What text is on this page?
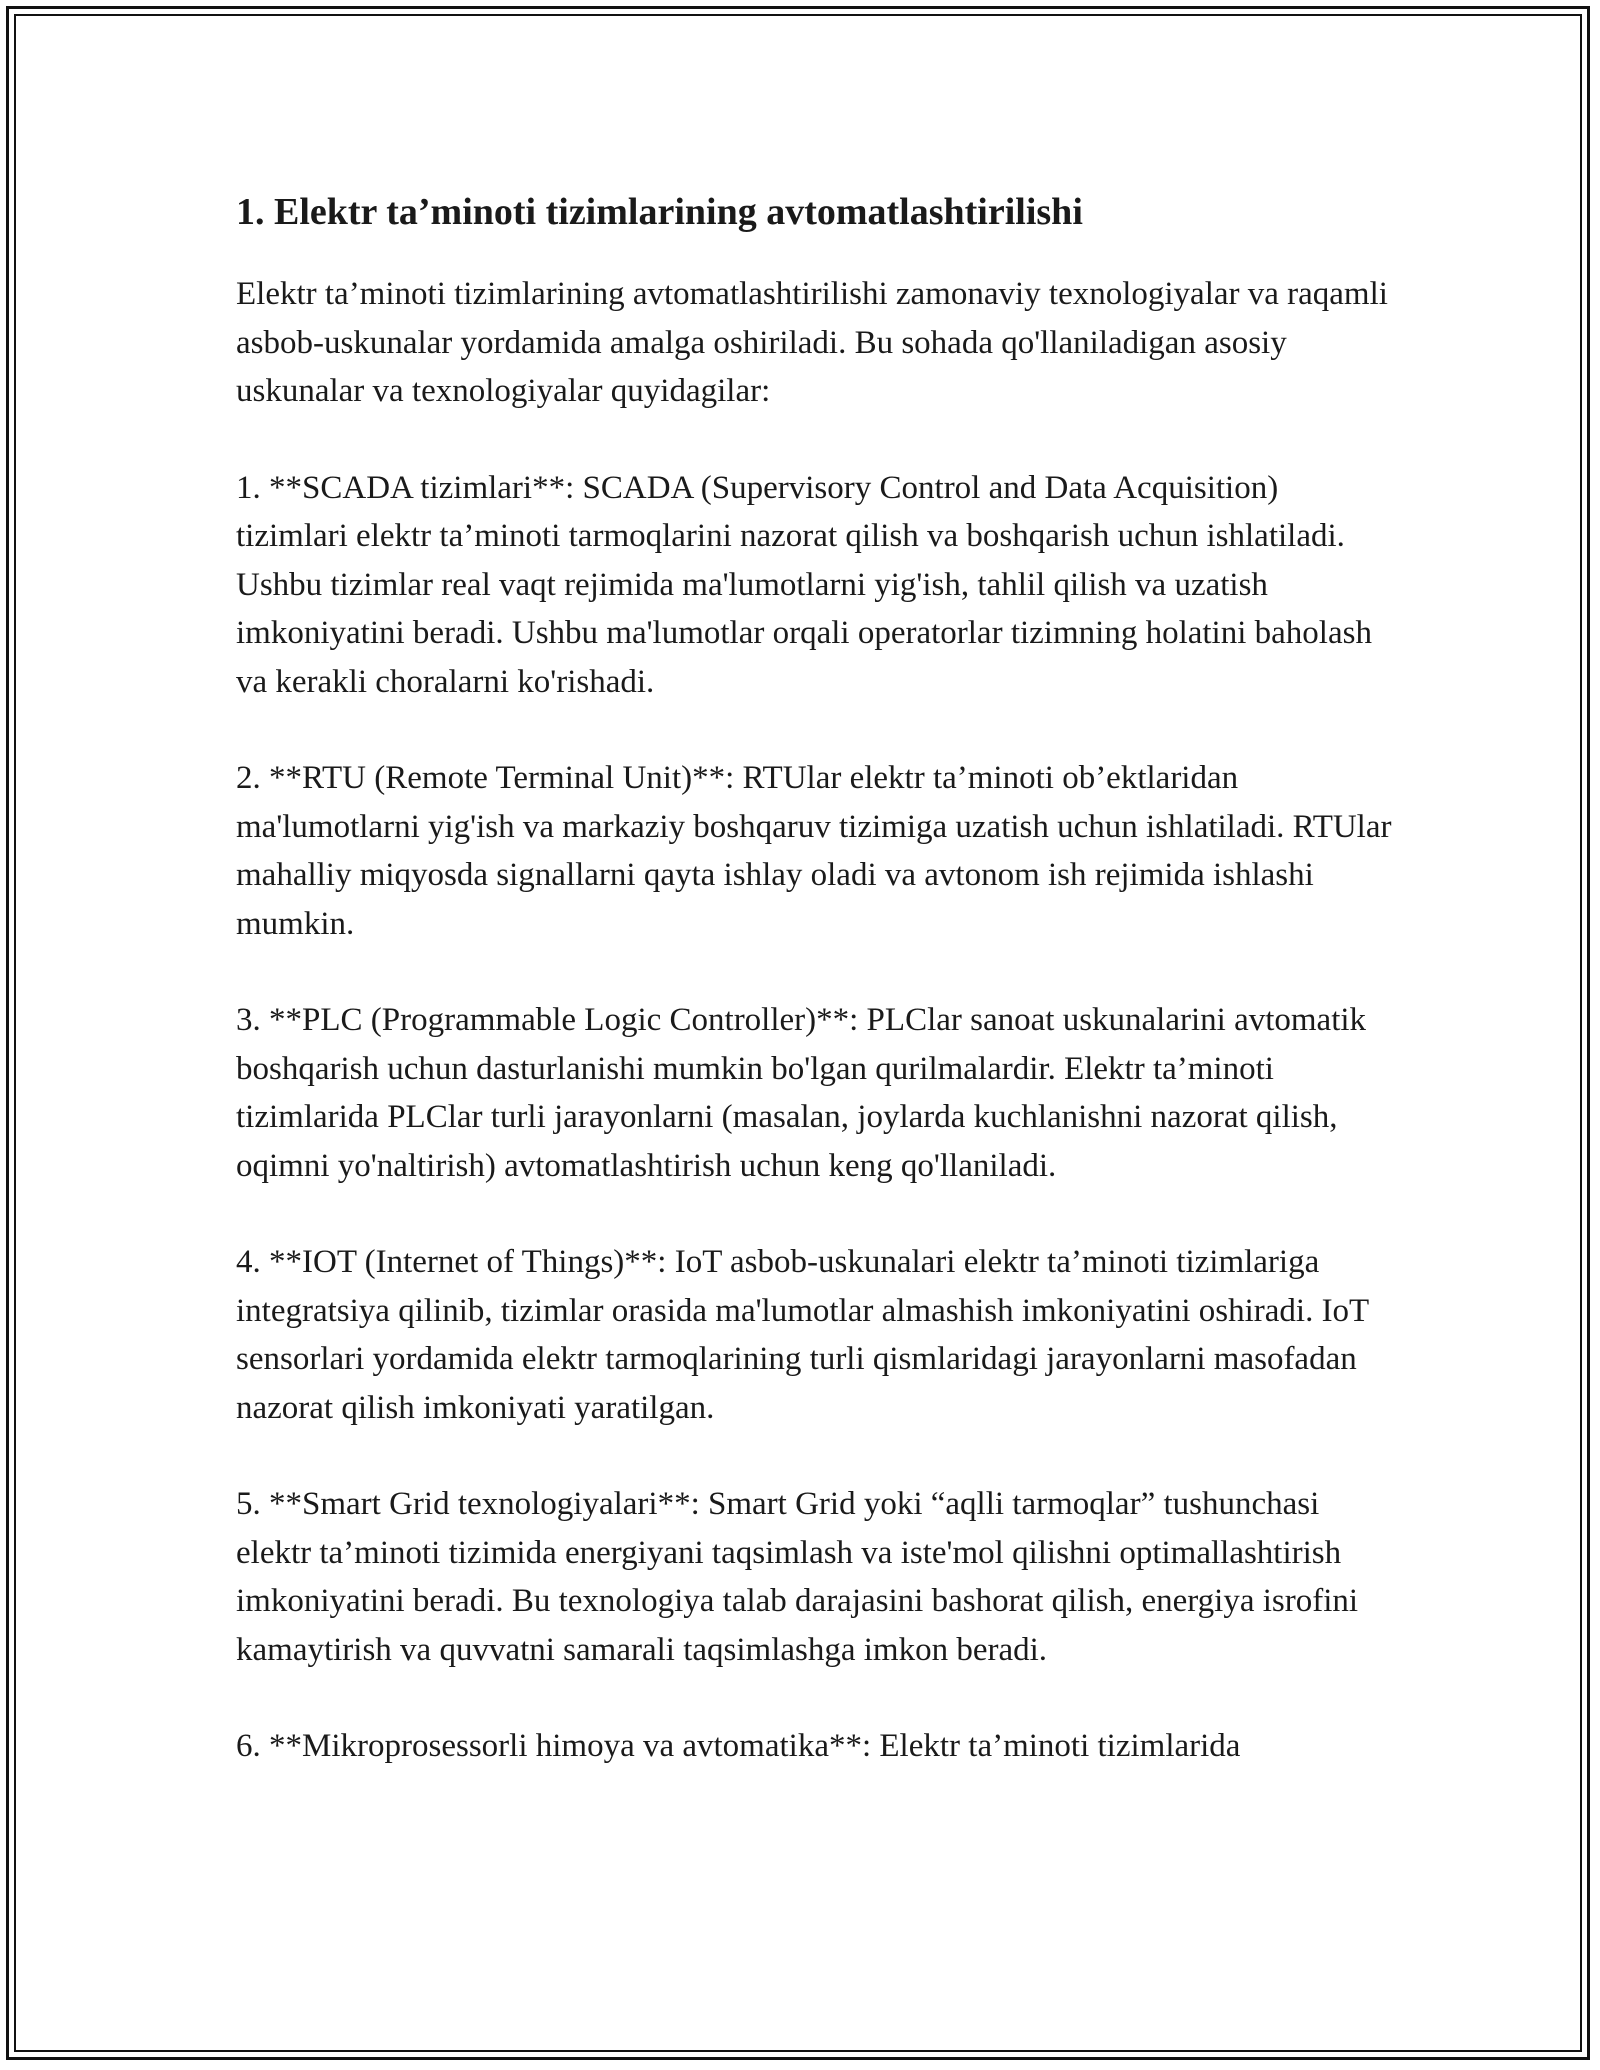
1. Elektr ta’minoti tizimlarining avtomatlashtirilishi

Elektr ta’minoti tizimlarining avtomatlashtirilishi zamonaviy texnologiyalar va raqamli asbob-uskunalar yordamida amalga oshiriladi. Bu sohada qo'llaniladigan asosiy uskunalar va texnologiyalar quyidagilar:

1. **SCADA tizimlari**: SCADA (Supervisory Control and Data Acquisition) tizimlari elektr ta’minoti tarmoqlarini nazorat qilish va boshqarish uchun ishlatiladi. Ushbu tizimlar real vaqt rejimida ma'lumotlarni yig'ish, tahlil qilish va uzatish imkoniyatini beradi. Ushbu ma'lumotlar orqali operatorlar tizimning holatini baholash va kerakli choralarni ko'rishadi.

2. **RTU (Remote Terminal Unit)**: RTUlar elektr ta’minoti ob’ektlaridan ma'lumotlarni yig'ish va markaziy boshqaruv tizimiga uzatish uchun ishlatiladi. RTUlar mahalliy miqyosda signallarni qayta ishlay oladi va avtonom ish rejimida ishlashi mumkin.

3. **PLC (Programmable Logic Controller)**: PLClar sanoat uskunalarini avtomatik boshqarish uchun dasturlanishi mumkin bo'lgan qurilmalardir. Elektr ta’minoti tizimlarida PLClar turli jarayonlarni (masalan, joylarda kuchlanishni nazorat qilish, oqimni yo'naltirish) avtomatlashtirish uchun keng qo'llaniladi.

4. **IOT (Internet of Things)**: IoT asbob-uskunalari elektr ta’minoti tizimlariga integratsiya qilinib, tizimlar orasida ma'lumotlar almashish imkoniyatini oshiradi. IoT sensorlari yordamida elektr tarmoqlarining turli qismlaridagi jarayonlarni masofadan nazorat qilish imkoniyati yaratilgan.

5. **Smart Grid texnologiyalari**: Smart Grid yoki “aqlli tarmoqlar” tushunchasi elektr ta’minoti tizimida energiyani taqsimlash va iste'mol qilishni optimallashtirish imkoniyatini beradi. Bu texnologiya talab darajasini bashorat qilish, energiya isrofini kamaytirish va quvvatni samarali taqsimlashga imkon beradi.

6. **Mikroprosessorli himoya va avtomatika**: Elektr ta’minoti tizimlarida
